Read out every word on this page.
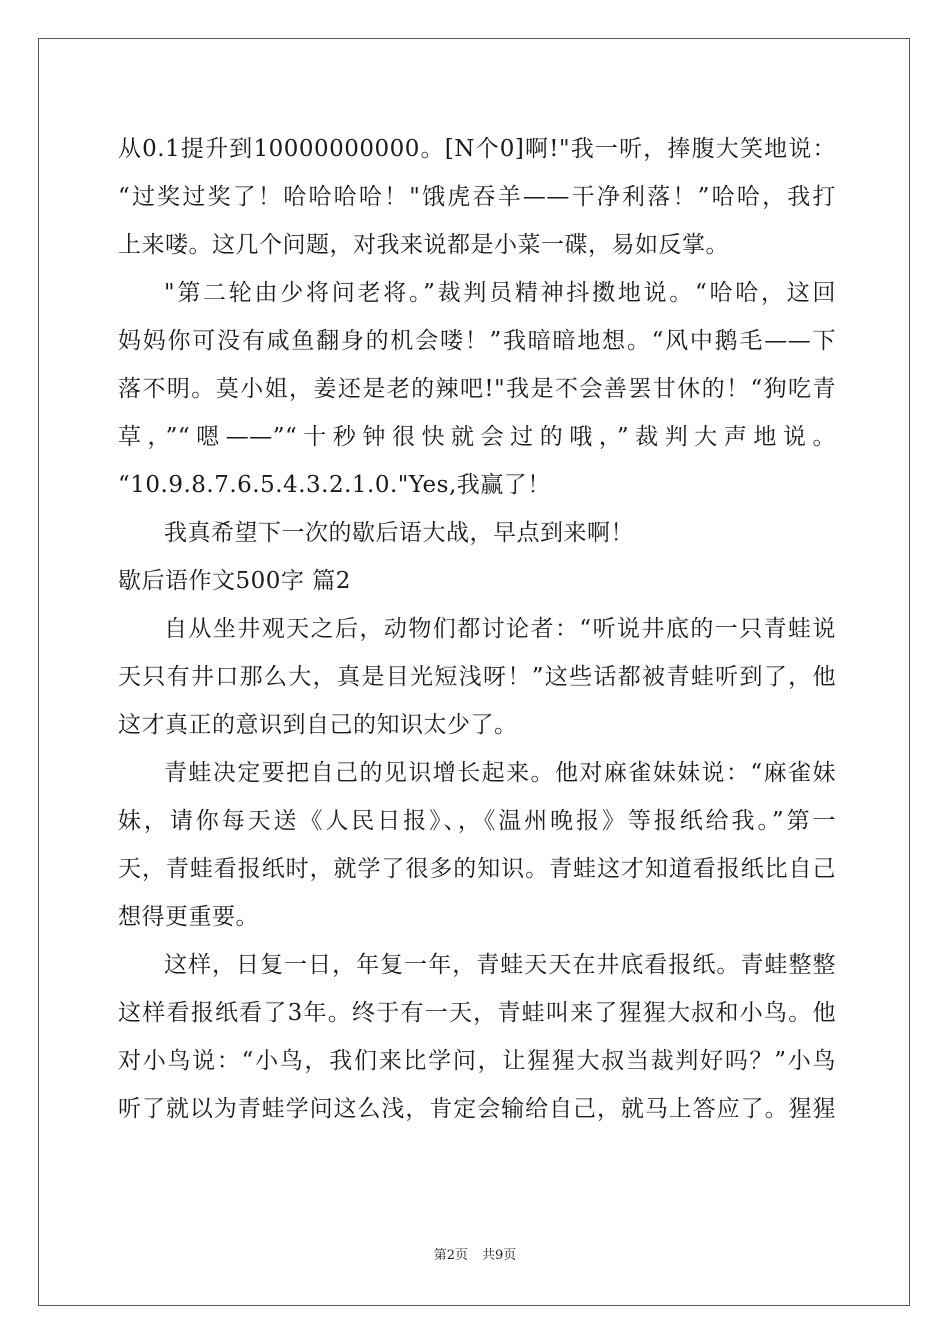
从0.1提升到10000000000。[N个0]啊!"我一听，捧腹大笑地说：
“过奖过奖了！哈哈哈哈！"饿虎吞羊——干净利落！”哈哈，我打
上来喽。这几个问题，对我来说都是小菜一碟，易如反掌。
"第二轮由少将问老将。”裁判员精神抖擞地说。“哈哈，这回
妈妈你可没有咸鱼翻身的机会喽！”我暗暗地想。“风中鹅毛——下
落不明。莫小姐，姜还是老的辣吧!"我是不会善罢甘休的！“狗吃青
草，”“嗯——”“十秒钟很快就会过的哦，”裁判大声地说。
“10.9.8.7.6.5.4.3.2.1.0."Yes,我赢了！
我真希望下一次的歇后语大战，早点到来啊！
歇后语作文500字 篇2
自从坐井观天之后，动物们都讨论者：“听说井底的一只青蛙说
天只有井口那么大，真是目光短浅呀！”这些话都被青蛙听到了，他
这才真正的意识到自己的知识太少了。
青蛙决定要把自己的见识增长起来。他对麻雀妹妹说：“麻雀妹
妹，请你每天送《人民日报》、，《温州晚报》等报纸给我。”第一
天，青蛙看报纸时，就学了很多的知识。青蛙这才知道看报纸比自己
想得更重要。
这样，日复一日，年复一年，青蛙天天在井底看报纸。青蛙整整
这样看报纸看了3年。终于有一天，青蛙叫来了猩猩大叔和小鸟。他
对小鸟说：“小鸟，我们来比学问，让猩猩大叔当裁判好吗？”小鸟
听了就以为青蛙学问这么浅，肯定会输给自己，就马上答应了。猩猩
第2页 共9页
